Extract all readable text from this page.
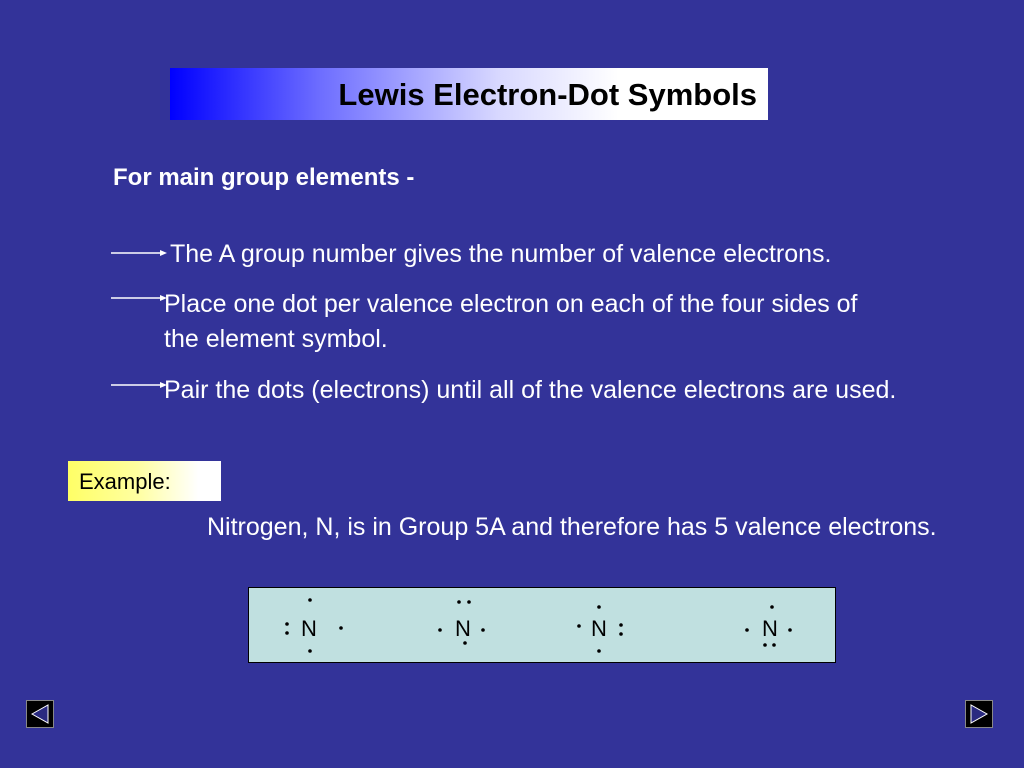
Lewis Electron-Dot Symbols
For main group elements -
The A group number gives the number of valence electrons.
Place one dot per valence electron on each of the four sides of the element symbol.
Pair the dots (electrons) until all of the valence electrons are used.
Example:
Nitrogen, N, is in Group 5A and therefore has 5 valence electrons.
N	N	N	N
